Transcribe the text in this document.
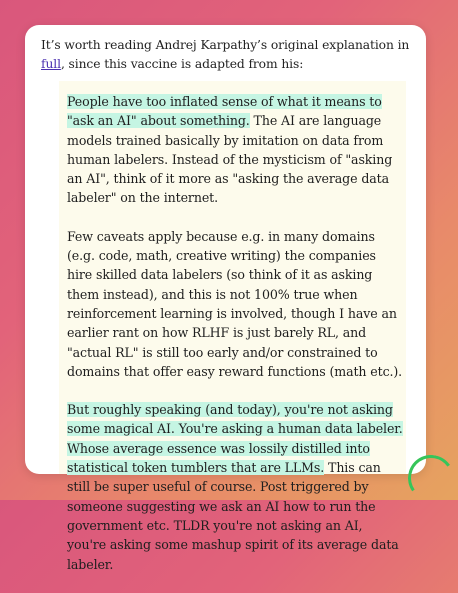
It’s worth reading Andrej Karpathy’s original explanation in full, since this vaccine is adapted from his:

People have too inflated sense of what it means to "ask an AI" about something. The AI are language models trained basically by imitation on data from human labelers. Instead of the mysticism of "asking an AI", think of it more as "asking the average data labeler" on the internet.

Few caveats apply because e.g. in many domains (e.g. code, math, creative writing) the companies hire skilled data labelers (so think of it as asking them instead), and this is not 100% true when reinforcement learning is involved, though I have an earlier rant on how RLHF is just barely RL, and "actual RL" is still too early and/or constrained to domains that offer easy reward functions (math etc.).

But roughly speaking (and today), you're not asking some magical AI. You're asking a human data labeler. Whose average essence was lossily distilled into statistical token tumblers that are LLMs. This can still be super useful of course. Post triggered by someone suggesting we ask an AI how to run the government etc. TLDR you're not asking an AI, you're asking some mashup spirit of its average data labeler.
